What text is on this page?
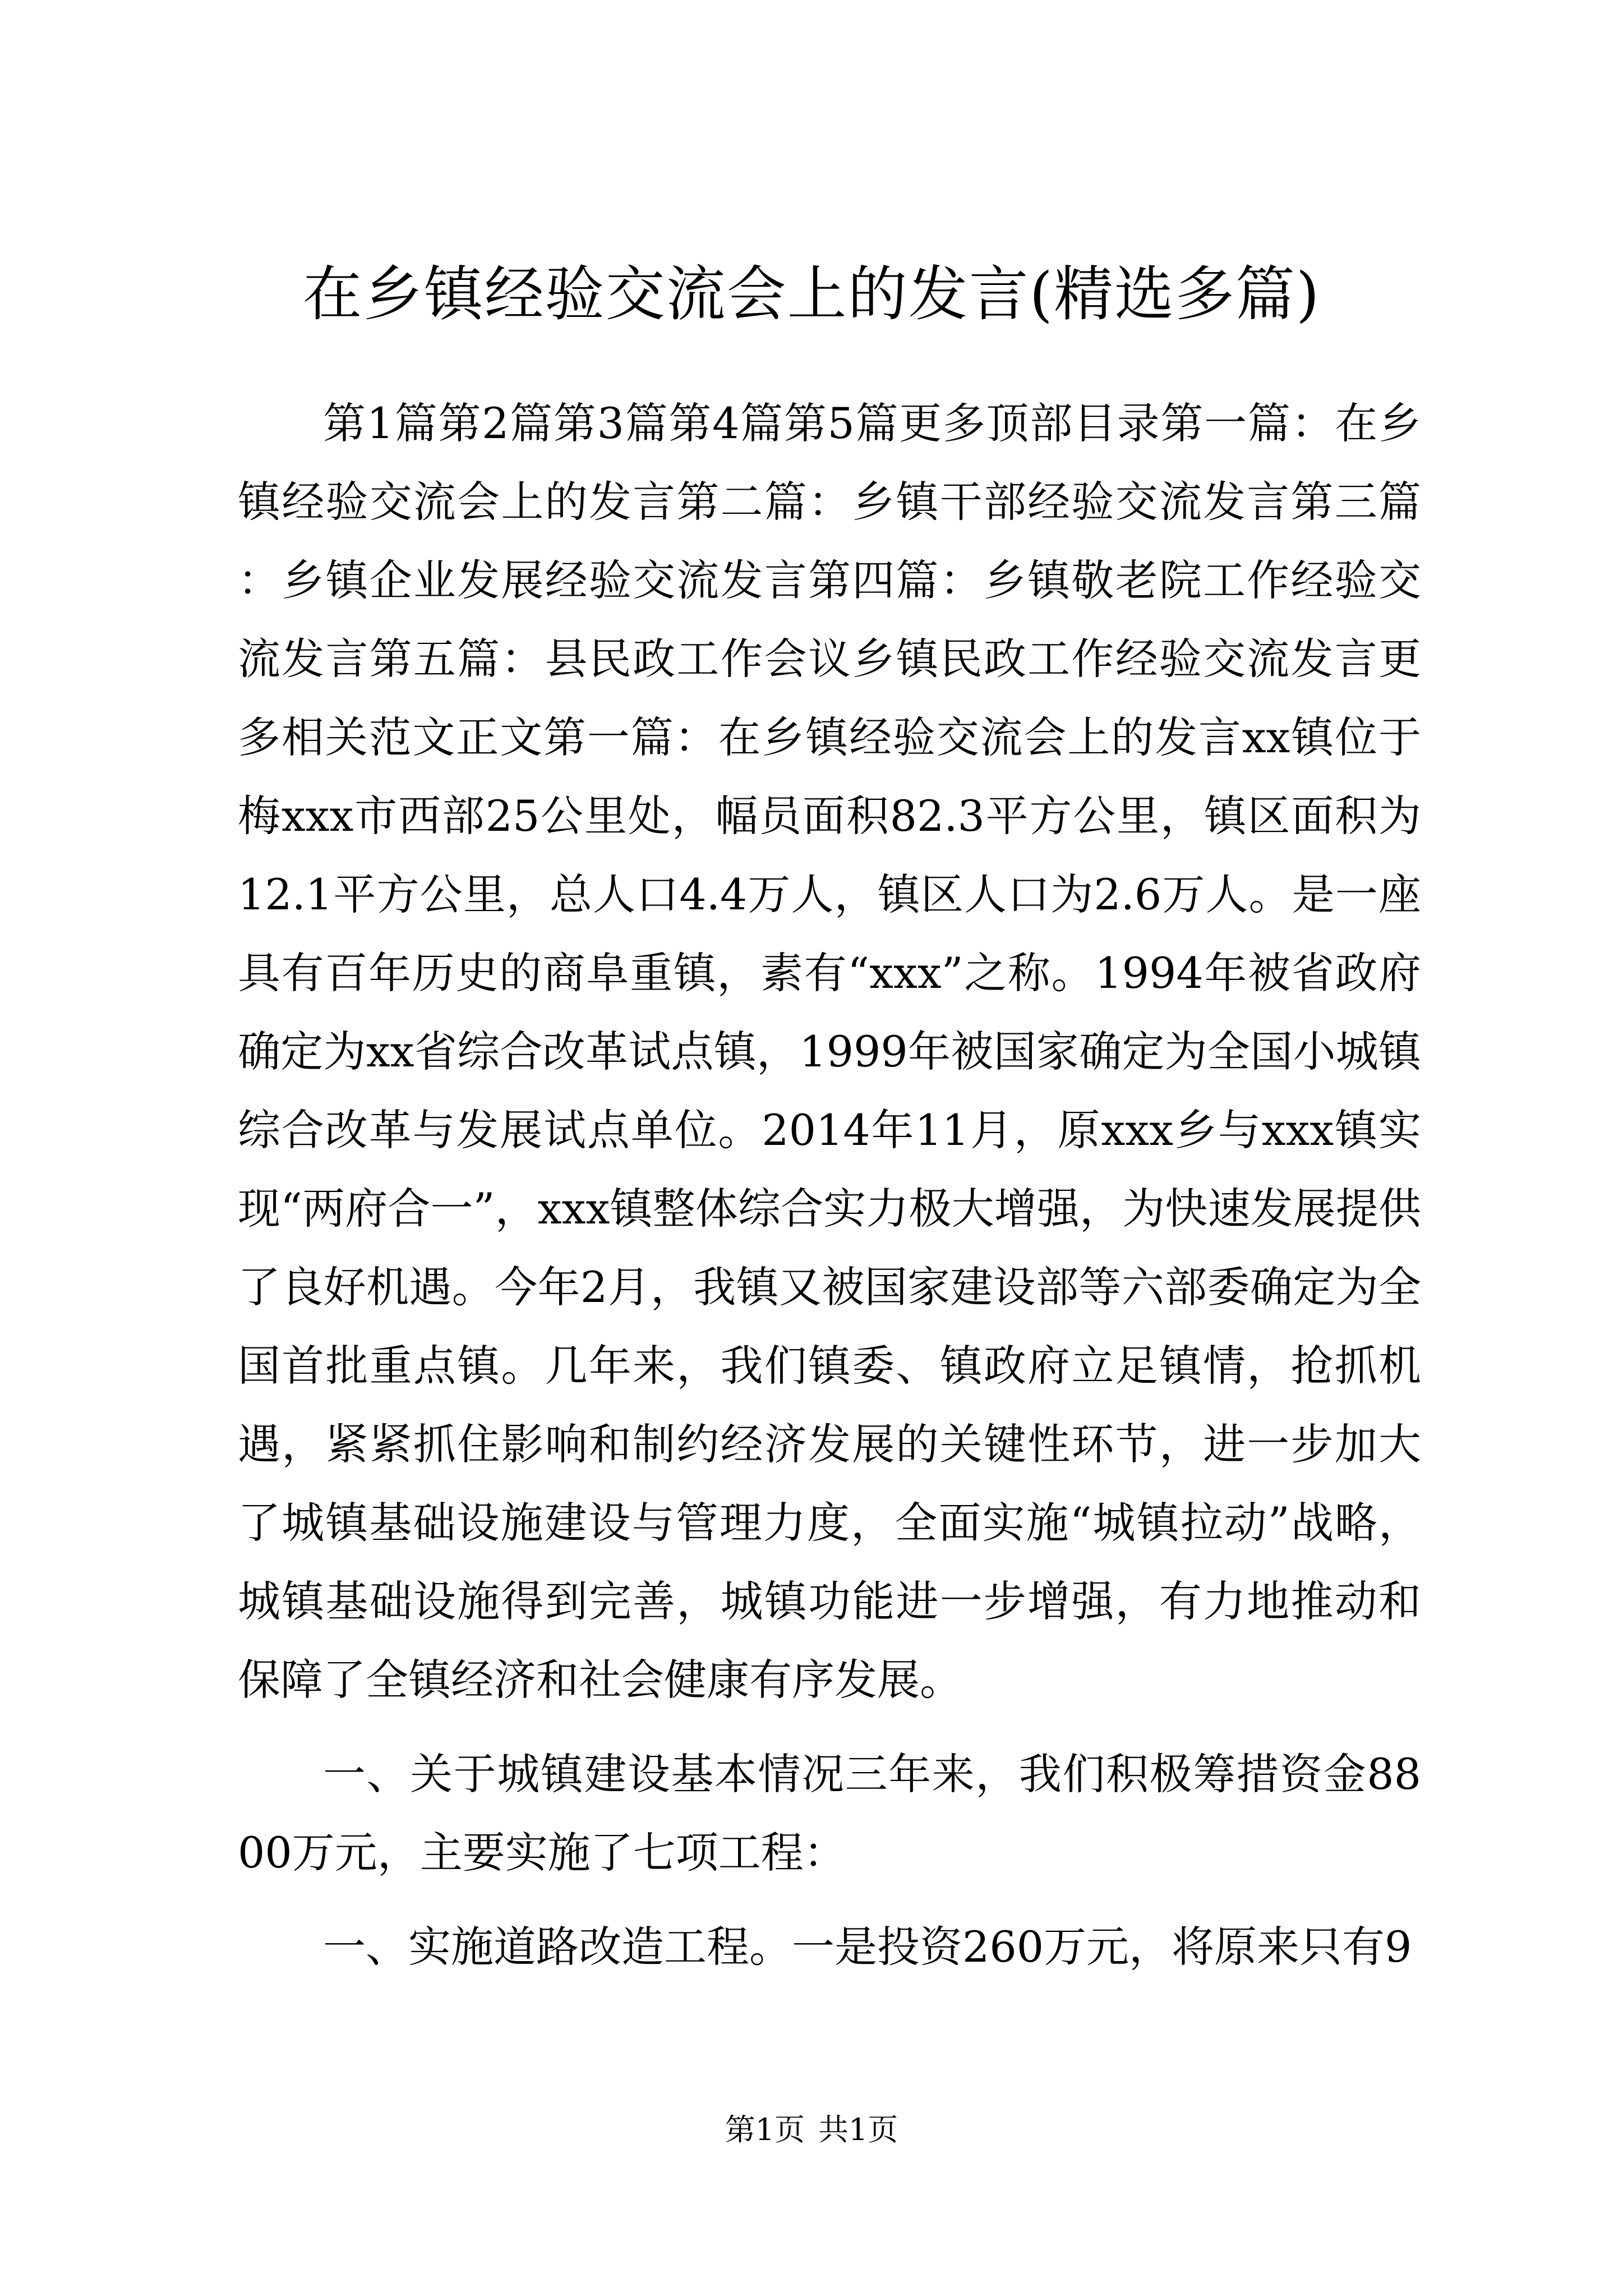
在乡镇经验交流会上的发言(精选多篇)

第1篇第2篇第3篇第4篇第5篇更多顶部目录第一篇：在乡镇经验交流会上的发言第二篇：乡镇干部经验交流发言第三篇：乡镇企业发展经验交流发言第四篇：乡镇敬老院工作经验交流发言第五篇：县民政工作会议乡镇民政工作经验交流发言更多相关范文正文第一篇：在乡镇经验交流会上的发言xx镇位于梅xxx市西部25公里处，幅员面积82.3平方公里，镇区面积为12.1平方公里，总人口4.4万人，镇区人口为2.6万人。是一座具有百年历史的商阜重镇，素有“xxx”之称。1994年被省政府确定为xx省综合改革试点镇，1999年被国家确定为全国小城镇综合改革与发展试点单位。2014年11月，原xxx乡与xxx镇实现“两府合一”，xxx镇整体综合实力极大增强，为快速发展提供了良好机遇。今年2月，我镇又被国家建设部等六部委确定为全国首批重点镇。几年来，我们镇委、镇政府立足镇情，抢抓机遇，紧紧抓住影响和制约经济发展的关键性环节，进一步加大了城镇基础设施建设与管理力度，全面实施“城镇拉动”战略，城镇基础设施得到完善，城镇功能进一步增强，有力地推动和保障了全镇经济和社会健康有序发展。

一、关于城镇建设基本情况三年来，我们积极筹措资金8800万元，主要实施了七项工程：

一、实施道路改造工程。一是投资260万元，将原来只有9

第1页 共1页
